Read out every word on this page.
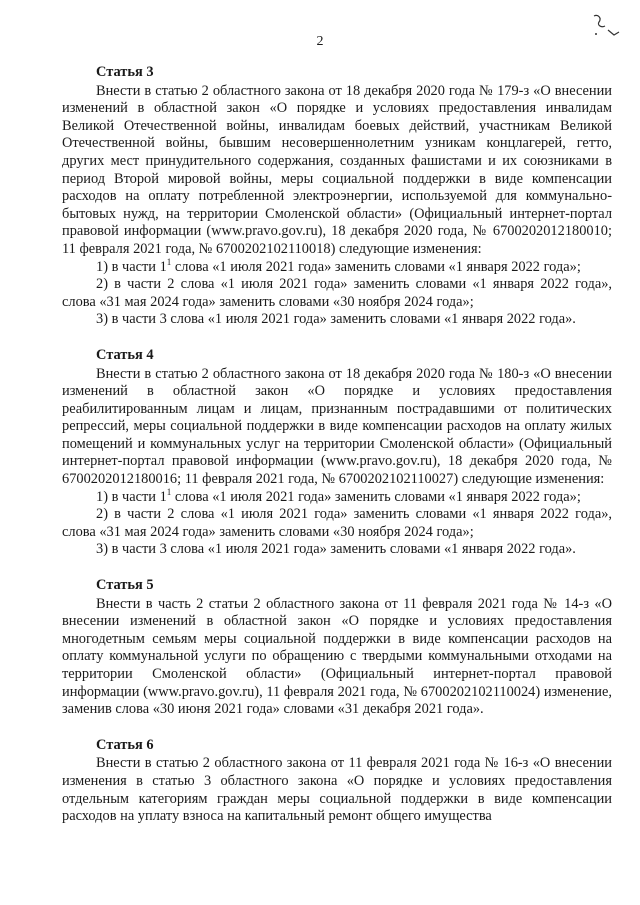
2

Статья 3

Внести в статью 2 областного закона от 18 декабря 2020 года № 179-з «О внесении изменений в областной закон «О порядке и условиях предоставления инвалидам Великой Отечественной войны, инвалидам боевых действий, участникам Великой Отечественной войны, бывшим несовершеннолетним узникам концлагерей, гетто, других мест принудительного содержания, созданных фашистами и их союзниками в период Второй мировой войны, меры социальной поддержки в виде компенсации расходов на оплату потребленной электроэнергии, используемой для коммунально-бытовых нужд, на территории Смоленской области» (Официальный интернет-портал правовой информации (www.pravo.gov.ru), 18 декабря 2020 года, № 6700202012180010; 11 февраля 2021 года, № 6700202102110018) следующие изменения:

1) в части $1^1$ слова «1 июля 2021 года» заменить словами «1 января 2022 года»;

2) в части 2 слова «1 июля 2021 года» заменить словами «1 января 2022 года», слова «31 мая 2024 года» заменить словами «30 ноября 2024 года»;

3) в части 3 слова «1 июля 2021 года» заменить словами «1 января 2022 года».

Статья 4

Внести в статью 2 областного закона от 18 декабря 2020 года № 180-з «О внесении изменений в областной закон «О порядке и условиях предоставления реабилитированным лицам и лицам, признанным пострадавшими от политических репрессий, меры социальной поддержки в виде компенсации расходов на оплату жилых помещений и коммунальных услуг на территории Смоленской области» (Официальный интернет-портал правовой информации (www.pravo.gov.ru), 18 декабря 2020 года, № 6700202012180016; 11 февраля 2021 года, № 6700202102110027) следующие изменения:

1) в части $1^1$ слова «1 июля 2021 года» заменить словами «1 января 2022 года»;

2) в части 2 слова «1 июля 2021 года» заменить словами «1 января 2022 года», слова «31 мая 2024 года» заменить словами «30 ноября 2024 года»;

3) в части 3 слова «1 июля 2021 года» заменить словами «1 января 2022 года».

Статья 5

Внести в часть 2 статьи 2 областного закона от 11 февраля 2021 года № 14-з «О внесении изменений в областной закон «О порядке и условиях предоставления многодетным семьям меры социальной поддержки в виде компенсации расходов на оплату коммунальной услуги по обращению с твердыми коммунальными отходами на территории Смоленской области» (Официальный интернет-портал правовой информации (www.pravo.gov.ru), 11 февраля 2021 года, № 6700202102110024) изменение, заменив слова «30 июня 2021 года» словами «31 декабря 2021 года».

Статья 6

Внести в статью 2 областного закона от 11 февраля 2021 года № 16-з «О внесении изменения в статью 3 областного закона «О порядке и условиях предоставления отдельным категориям граждан меры социальной поддержки в виде компенсации расходов на уплату взноса на капитальный ремонт общего имущества
